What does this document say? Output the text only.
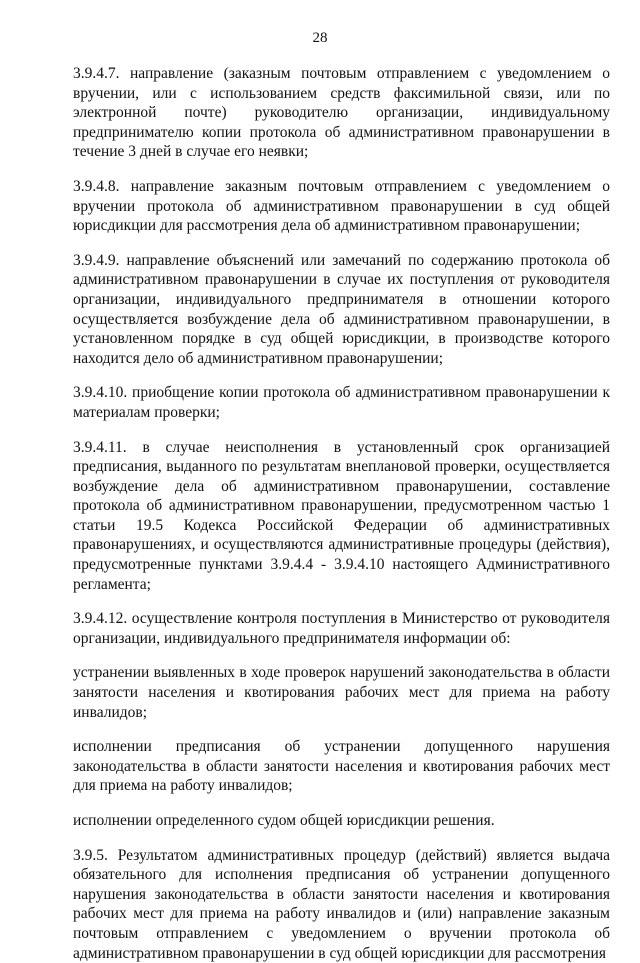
28

3.9.4.7. направление (заказным почтовым отправлением с уведомлением о вручении, или с использованием средств факсимильной связи, или по электронной почте) руководителю организации, индивидуальному предпринимателю копии протокола об административном правонарушении в течение 3 дней в случае его неявки;

3.9.4.8. направление заказным почтовым отправлением с уведомлением о вручении протокола об административном правонарушении в суд общей юрисдикции для рассмотрения дела об административном правонарушении;

3.9.4.9. направление объяснений или замечаний по содержанию протокола об административном правонарушении в случае их поступления от руководителя организации, индивидуального предпринимателя в отношении которого осуществляется возбуждение дела об административном правонарушении, в установленном порядке в суд общей юрисдикции, в производстве которого находится дело об административном правонарушении;

3.9.4.10. приобщение копии протокола об административном правонарушении к материалам проверки;

3.9.4.11. в случае неисполнения в установленный срок организацией предписания, выданного по результатам внеплановой проверки, осуществляется возбуждение дела об административном правонарушении, составление протокола об административном правонарушении, предусмотренном частью 1 статьи 19.5 Кодекса Российской Федерации об административных правонарушениях, и осуществляются административные процедуры (действия), предусмотренные пунктами 3.9.4.4 - 3.9.4.10 настоящего Административного регламента;

3.9.4.12. осуществление контроля поступления в Министерство от руководителя организации, индивидуального предпринимателя информации об:

устранении выявленных в ходе проверок нарушений законодательства в области занятости населения и квотирования рабочих мест для приема на работу инвалидов;

исполнении предписания об устранении допущенного нарушения законодательства в области занятости населения и квотирования рабочих мест для приема на работу инвалидов;

исполнении определенного судом общей юрисдикции решения.

3.9.5. Результатом административных процедур (действий) является выдача обязательного для исполнения предписания об устранении допущенного нарушения законодательства в области занятости населения и квотирования рабочих мест для приема на работу инвалидов и (или) направление заказным почтовым отправлением с уведомлением о вручении протокола об административном правонарушении в суд общей юрисдикции для рассмотрения
